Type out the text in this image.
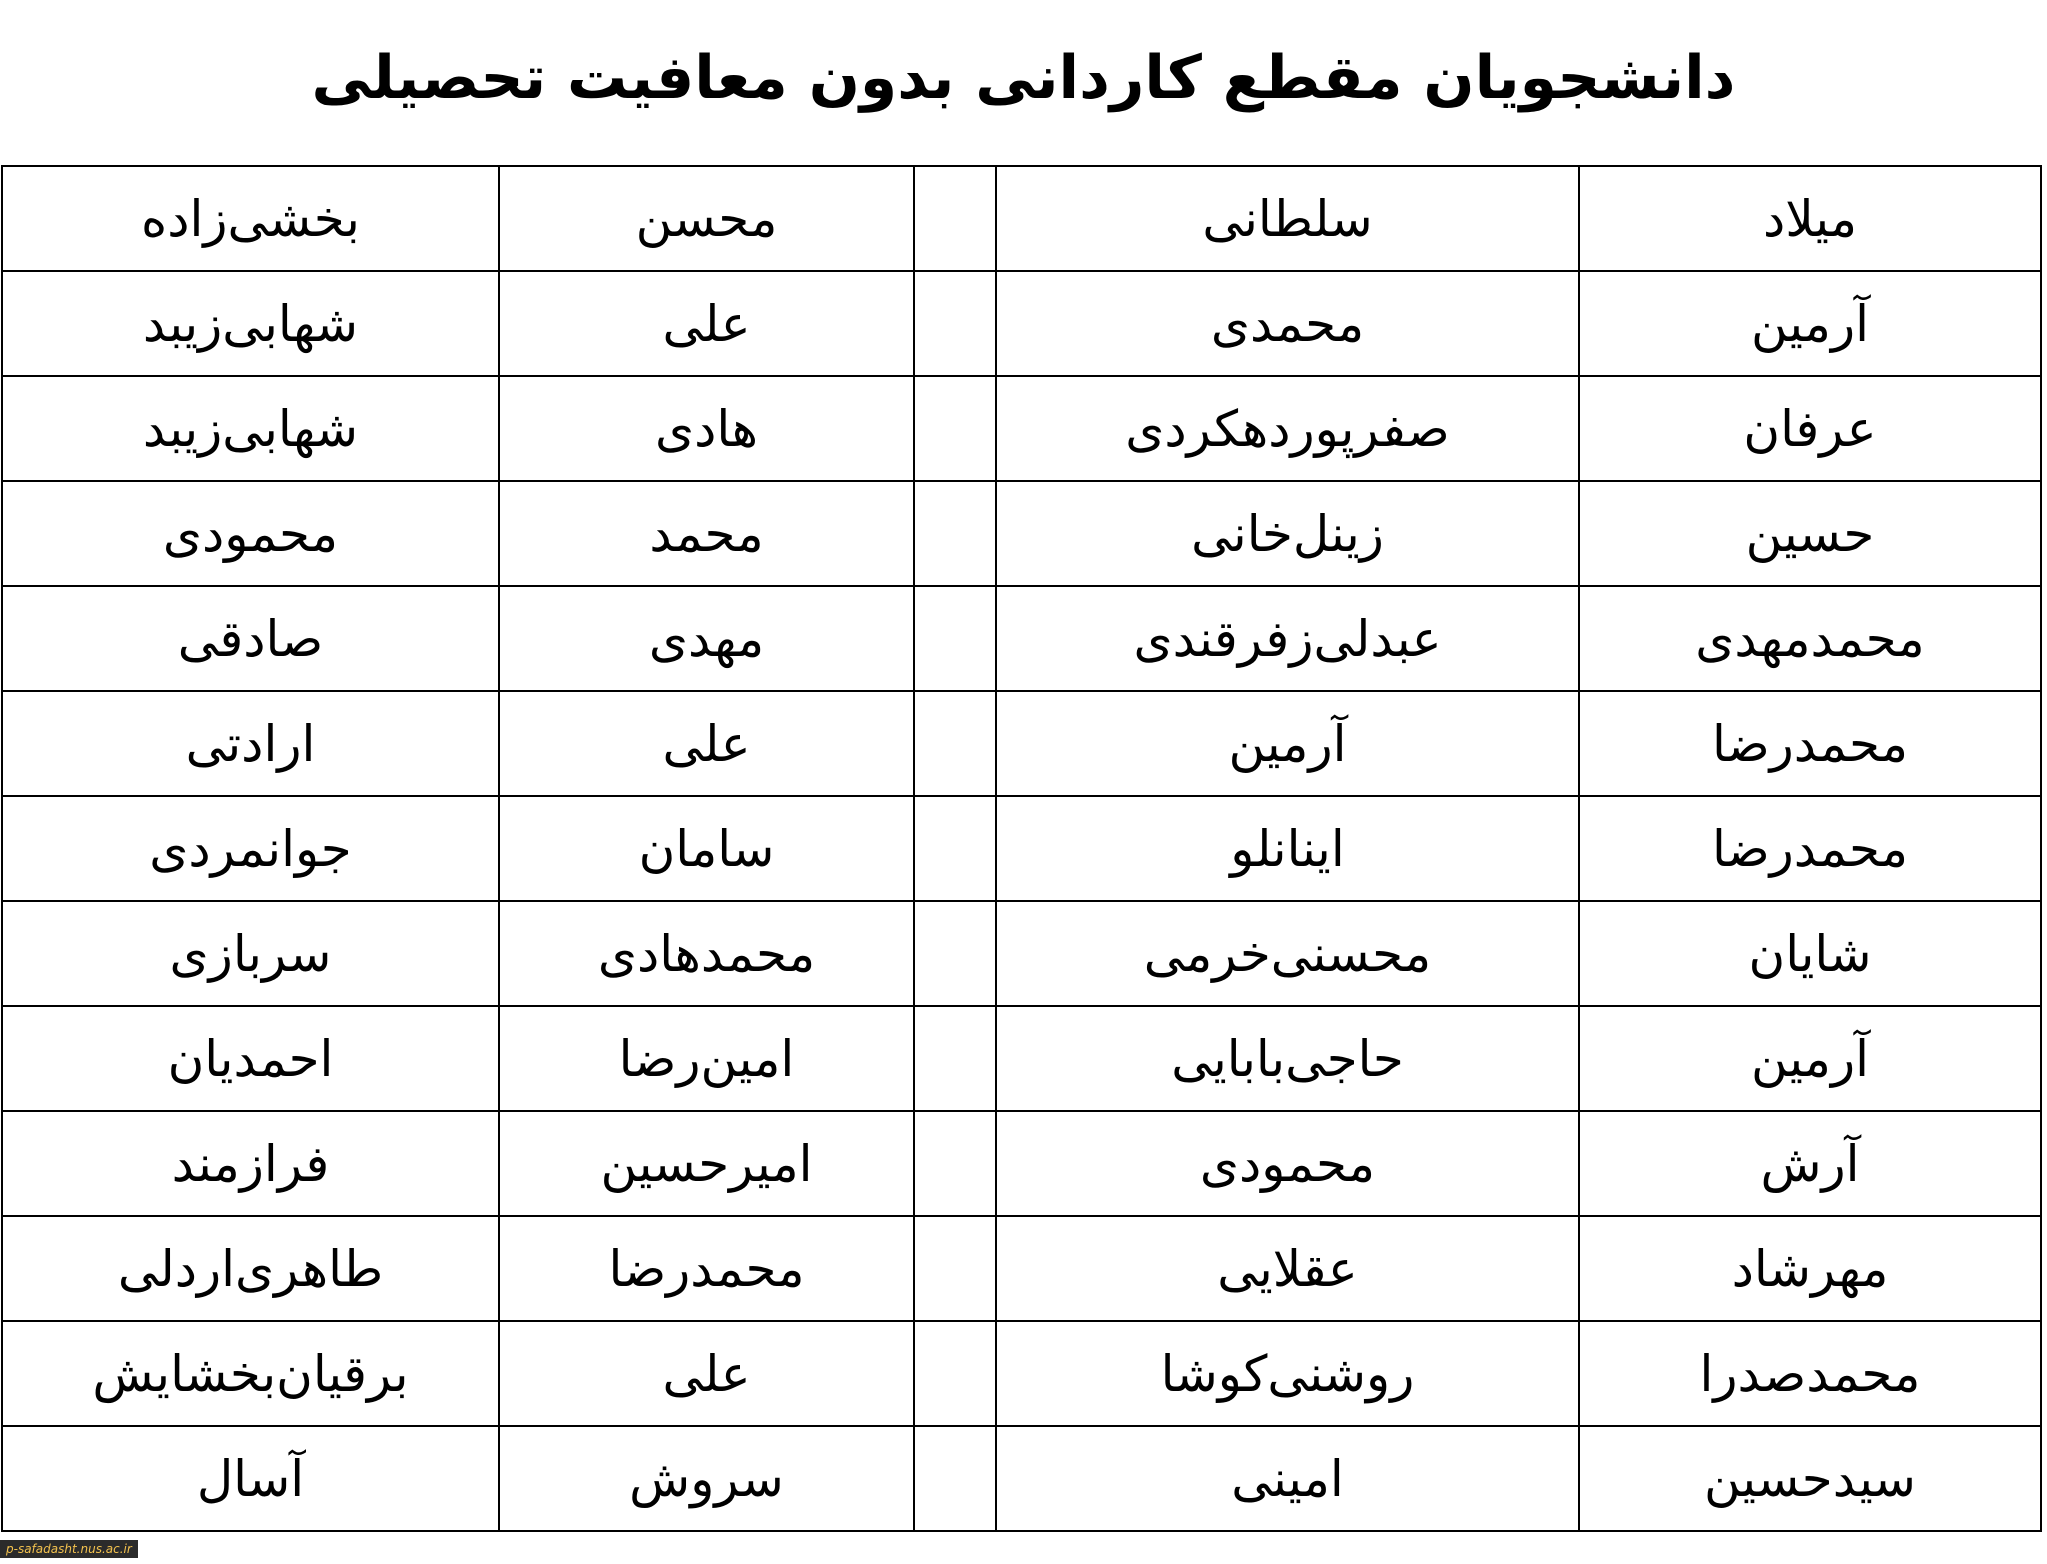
دانشجویان مقطع کاردانی بدون معافیت تحصیلی
بخشی‌زاده	محسن		سلطانی	میلاد
شهابی‌زیبد	علی		محمدی	آرمین
شهابی‌زیبد	هادی		صفرپوردهکردی	عرفان
محمودی	محمد		زینل‌خانی	حسین
صادقی	مهدی		عبدلی‌زفرقندی	محمدمهدی
ارادتی	علی		آرمین	محمدرضا
جوانمردی	سامان		اینانلو	محمدرضا
سربازی	محمدهادی		محسنی‌خرمی	شایان
احمدیان	امین‌رضا		حاجی‌بابایی	آرمین
فرازمند	امیرحسین		محمودی	آرش
طاهری‌اردلی	محمدرضا		عقلایی	مهرشاد
برقیان‌بخشایش	علی		روشنی‌کوشا	محمدصدرا
آسال	سروش		امینی	سیدحسین
p-safadasht.nus.ac.ir
